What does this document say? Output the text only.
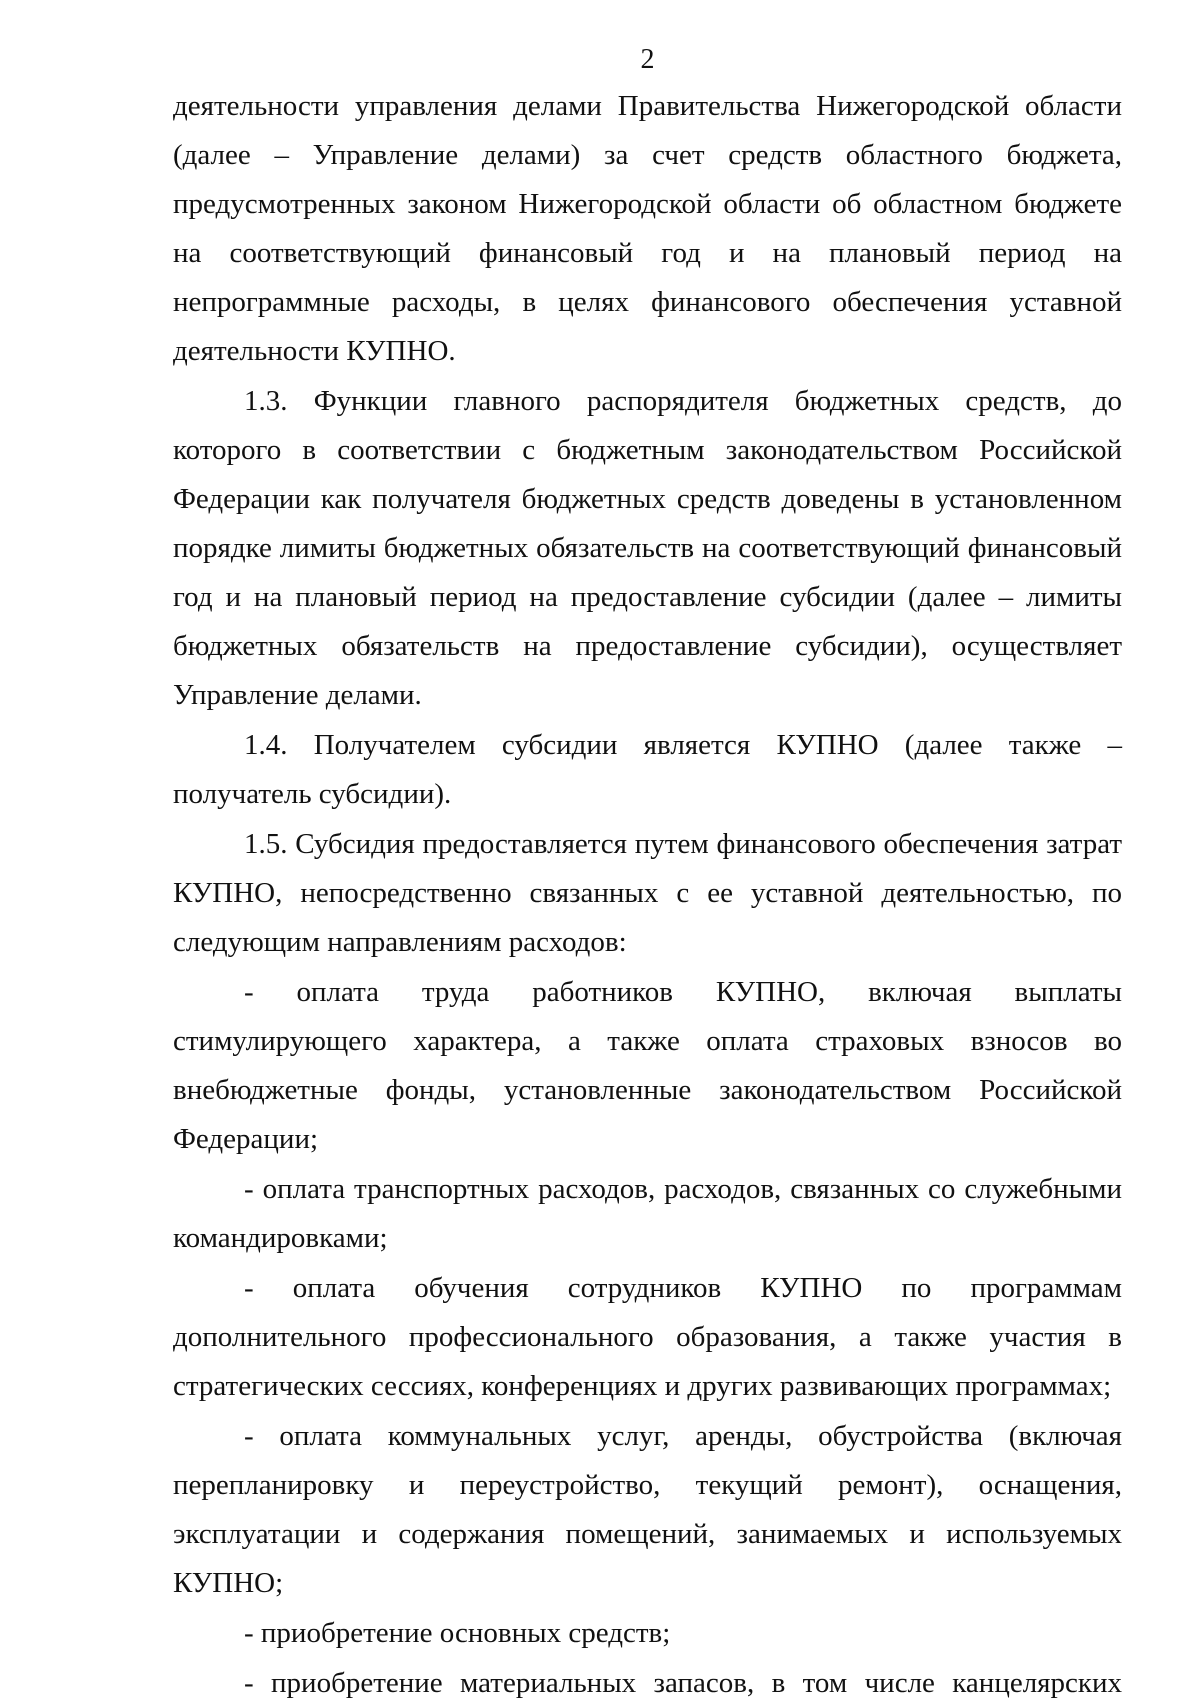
2

деятельности управления делами Правительства Нижегородской области (далее – Управление делами) за счет средств областного бюджета, предусмотренных законом Нижегородской области об областном бюджете на соответствующий финансовый год и на плановый период на непрограммные расходы, в целях финансового обеспечения уставной деятельности КУПНО.

1.3. Функции главного распорядителя бюджетных средств, до которого в соответствии с бюджетным законодательством Российской Федерации как получателя бюджетных средств доведены в установленном порядке лимиты бюджетных обязательств на соответствующий финансовый год и на плановый период на предоставление субсидии (далее – лимиты бюджетных обязательств на предоставление субсидии), осуществляет Управление делами.

1.4. Получателем субсидии является КУПНО (далее также – получатель субсидии).

1.5. Субсидия предоставляется путем финансового обеспечения затрат КУПНО, непосредственно связанных с ее уставной деятельностью, по следующим направлениям расходов:

- оплата труда работников КУПНО, включая выплаты стимулирующего характера, а также оплата страховых взносов во внебюджетные фонды, установленные законодательством Российской Федерации;

- оплата транспортных расходов, расходов, связанных со служебными командировками;

- оплата обучения сотрудников КУПНО по программам дополнительного профессионального образования, а также участия в стратегических сессиях, конференциях и других развивающих программах;

- оплата коммунальных услуг, аренды, обустройства (включая перепланировку и переустройство, текущий ремонт), оснащения, эксплуатации и содержания помещений, занимаемых и используемых КУПНО;

- приобретение основных средств;

- приобретение материальных запасов, в том числе канцелярских
